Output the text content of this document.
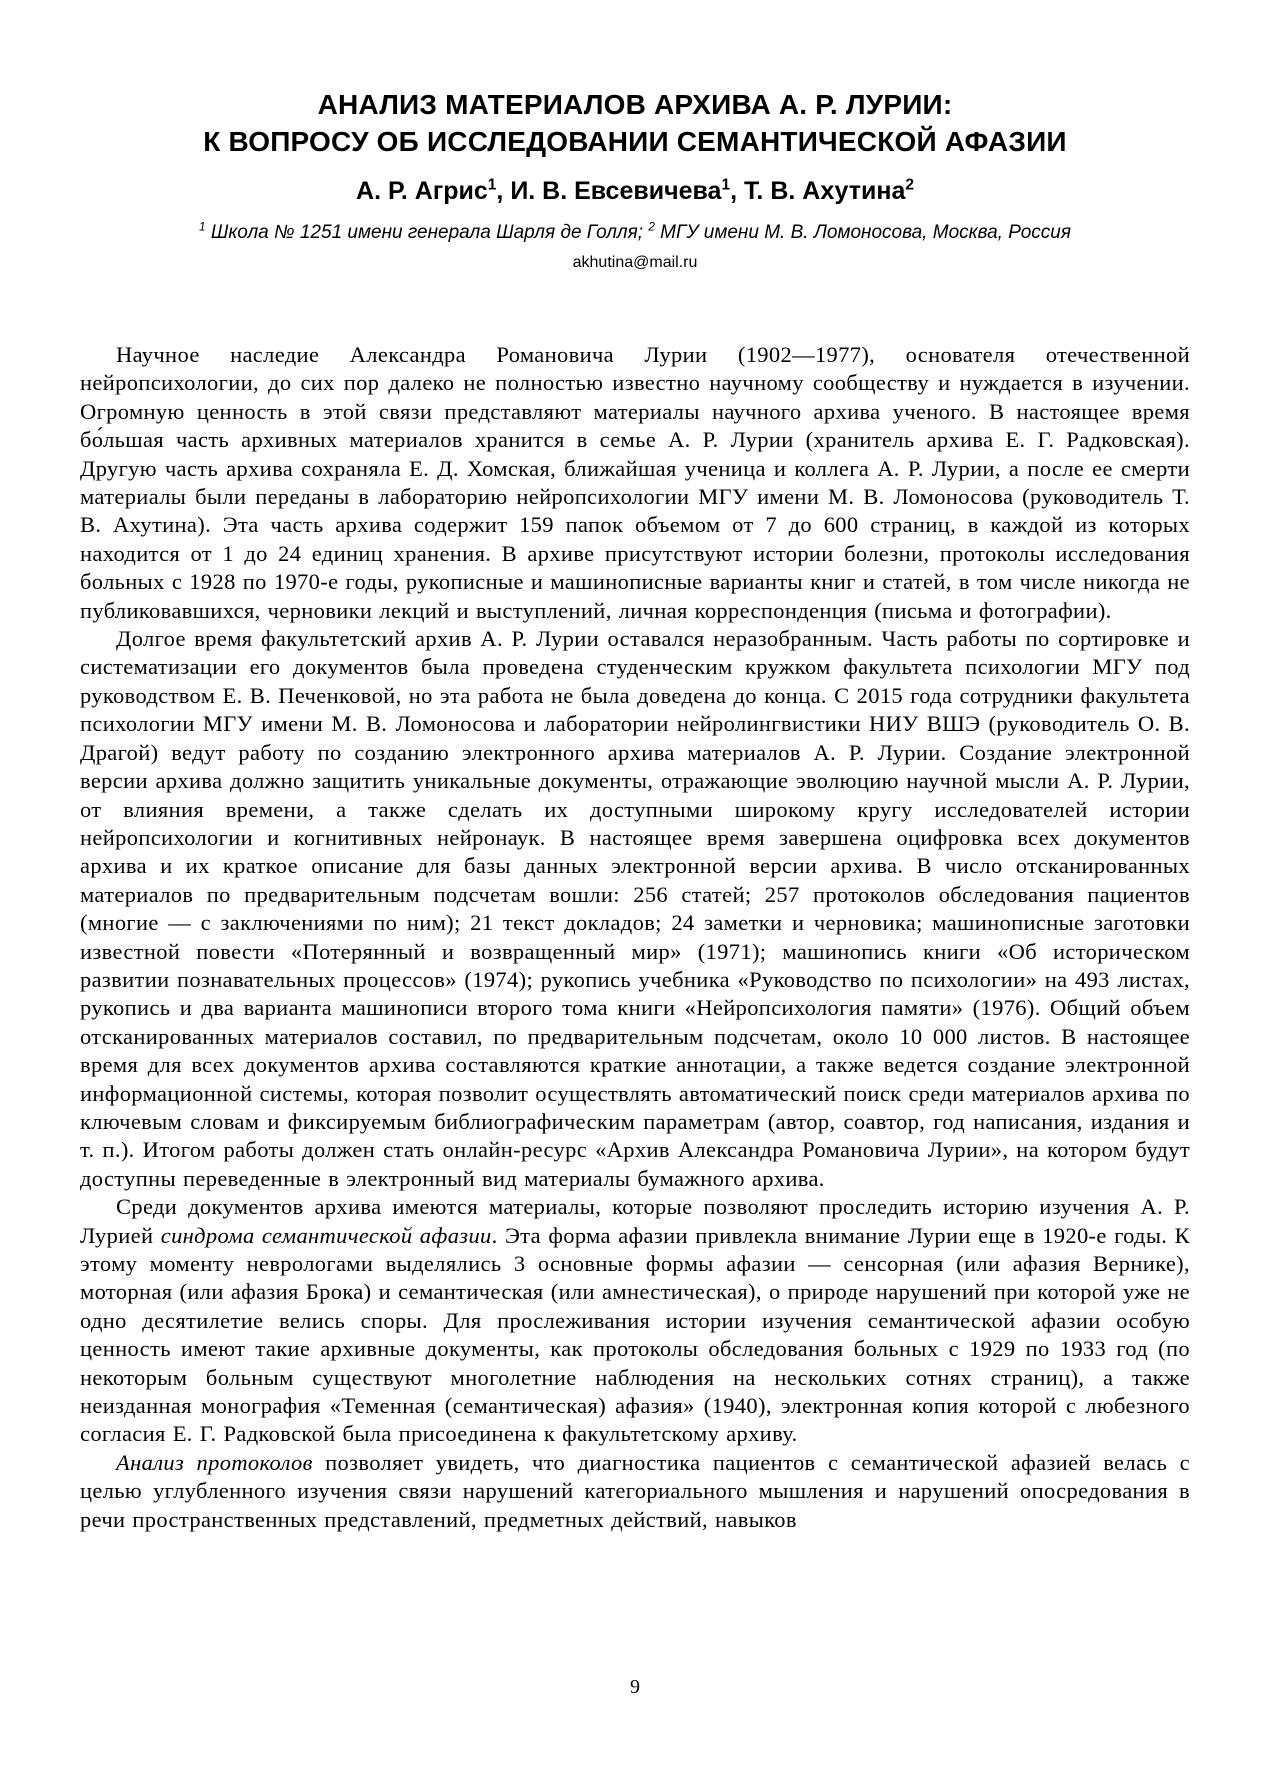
АНАЛИЗ МАТЕРИАЛОВ АРХИВА А. Р. ЛУРИИ:
К ВОПРОСУ ОБ ИССЛЕДОВАНИИ СЕМАНТИЧЕСКОЙ АФАЗИИ
А. Р. Агрис$^1$, И. В. Евсевичева$^1$, Т. В. Ахутина$^2$
$^1$ Школа № 1251 имени генерала Шарля де Голля; $^2$ МГУ имени М. В. Ломоносова, Москва, Россия
akhutina@mail.ru

Научное наследие Александра Романовича Лурии (1902—1977), основателя отечественной нейропсихологии, до сих пор далеко не полностью известно научному сообществу и нуждается в изучении. Огромную ценность в этой связи представляют материалы научного архива ученого. В настоящее время бо́льшая часть архивных материалов хранится в семье А. Р. Лурии (хранитель архива Е. Г. Радковская). Другую часть архива сохраняла Е. Д. Хомская, ближайшая ученица и коллега А. Р. Лурии, а после ее смерти материалы были переданы в лабораторию нейропсихологии МГУ имени М. В. Ломоносова (руководитель Т. В. Ахутина). Эта часть архива содержит 159 папок объемом от 7 до 600 страниц, в каждой из которых находится от 1 до 24 единиц хранения. В архиве присутствуют истории болезни, протоколы исследования больных с 1928 по 1970-е годы, рукописные и машинописные варианты книг и статей, в том числе никогда не публиковавшихся, черновики лекций и выступлений, личная корреспонденция (письма и фотографии).

Долгое время факультетский архив А. Р. Лурии оставался неразобранным. Часть работы по сортировке и систематизации его документов была проведена студенческим кружком факультета психологии МГУ под руководством Е. В. Печенковой, но эта работа не была доведена до конца. С 2015 года сотрудники факультета психологии МГУ имени М. В. Ломоносова и лаборатории нейролингвистики НИУ ВШЭ (руководитель О. В. Драгой) ведут работу по созданию электронного архива материалов А. Р. Лурии. Создание электронной версии архива должно защитить уникальные документы, отражающие эволюцию научной мысли А. Р. Лурии, от влияния времени, а также сделать их доступными широкому кругу исследователей истории нейропсихологии и когнитивных нейронаук. В настоящее время завершена оцифровка всех документов архива и их краткое описание для базы данных электронной версии архива. В число отсканированных материалов по предварительным подсчетам вошли: 256 статей; 257 протоколов обследования пациентов (многие — с заключениями по ним); 21 текст докладов; 24 заметки и черновика; машинописные заготовки известной повести «Потерянный и возвращенный мир» (1971); машинопись книги «Об историческом развитии познавательных процессов» (1974); рукопись учебника «Руководство по психологии» на 493 листах, рукопись и два варианта машинописи второго тома книги «Нейропсихология памяти» (1976). Общий объем отсканированных материалов составил, по предварительным подсчетам, около 10 000 листов. В настоящее время для всех документов архива составляются краткие аннотации, а также ведется создание электронной информационной системы, которая позволит осуществлять автоматический поиск среди материалов архива по ключевым словам и фиксируемым библиографическим параметрам (автор, соавтор, год написания, издания и т. п.). Итогом работы должен стать онлайн-ресурс «Архив Александра Романовича Лурии», на котором будут доступны переведенные в электронный вид материалы бумажного архива.

Среди документов архива имеются материалы, которые позволяют проследить историю изучения А. Р. Лурией синдрома семантической афазии. Эта форма афазии привлекла внимание Лурии еще в 1920-е годы. К этому моменту неврологами выделялись 3 основные формы афазии — сенсорная (или афазия Вернике), моторная (или афазия Брока) и семантическая (или амнестическая), о природе нарушений при которой уже не одно десятилетие велись споры. Для прослеживания истории изучения семантической афазии особую ценность имеют такие архивные документы, как протоколы обследования больных с 1929 по 1933 год (по некоторым больным существуют многолетние наблюдения на нескольких сотнях страниц), а также неизданная монография «Теменная (семантическая) афазия» (1940), электронная копия которой с любезного согласия Е. Г. Радковской была присоединена к факультетскому архиву.

Анализ протоколов позволяет увидеть, что диагностика пациентов с семантической афазией велась с целью углубленного изучения связи нарушений категориального мышления и нарушений опосредования в речи пространственных представлений, предметных действий, навыков

9
